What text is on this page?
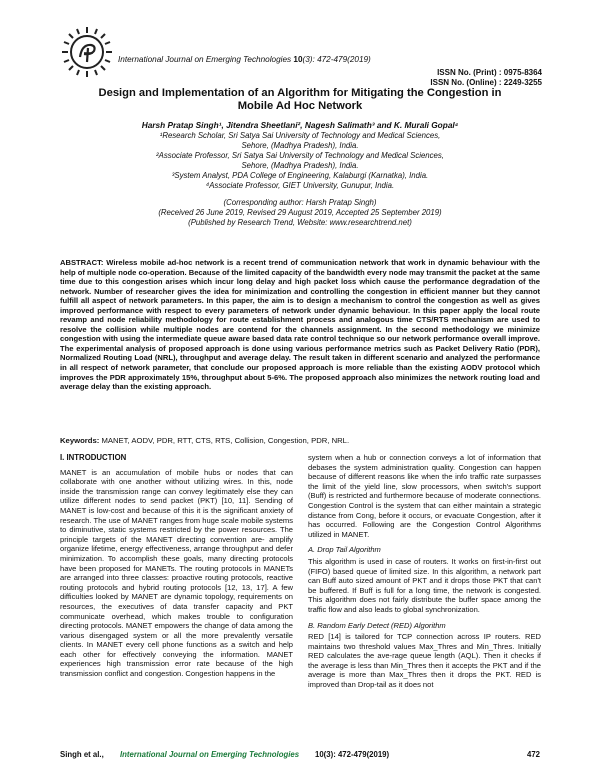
International Journal on Emerging Technologies 10(3): 472-479(2019)
ISSN No. (Print) : 0975-8364
ISSN No. (Online) : 2249-3255
Design and Implementation of an Algorithm for Mitigating the Congestion in
Mobile Ad Hoc Network
Harsh Pratap Singh¹, Jitendra Sheetlani², Nagesh Salimath³ and K. Murali Gopal⁴
¹Research Scholar, Sri Satya Sai University of Technology and Medical Sciences,
Sehore, (Madhya Pradesh), India.
²Associate Professor, Sri Satya Sai University of Technology and Medical Sciences,
Sehore, (Madhya Pradesh), India.
³System Analyst, PDA College of Engineering, Kalaburgi (Karnatka), India.
⁴Associate Professor, GIET University, Gunupur, India.
(Corresponding author: Harsh Pratap Singh)
(Received 26 June 2019, Revised 29 August 2019, Accepted 25 September 2019)
(Published by Research Trend, Website: www.researchtrend.net)
ABSTRACT: Wireless mobile ad-hoc network is a recent trend of communication network that work in dynamic behaviour with the help of multiple node co-operation. Because of the limited capacity of the bandwidth every node may transmit the packet at the same time due to this congestion arises which incur long delay and high packet loss which cause the performance degradation of the network. Number of researcher gives the idea for minimization and controlling the congestion in efficient manner but they cannot fulfill all aspect of network parameters. In this paper, the aim is to design a mechanism to control the congestion as well as gives improved performance with respect to every parameters of network under dynamic behaviour. In this paper apply the local route revamp and node reliability methodology for route establishment process and analogous time CTS/RTS mechanism are used to resolve the collision while multiple nodes are contend for the channels assignment. In the second methodology we minimize congestion with using the intermediate queue aware based data rate control technique so our network performance overall improve. The experimental analysis of proposed approach is done using various performance metrics such as Packet Delivery Ratio (PDR), Normalized Routing Load (NRL), throughput and average delay. The result taken in different scenario and analyzed the performance in all respect of network parameter, that conclude our proposed approach is more reliable than the existing AODV protocol which improves the PDR approximately 15%, throughput about 5-6%. The proposed approach also minimizes the network routing load and average delay than the existing approach.
Keywords: MANET, AODV, PDR, RTT, CTS, RTS, Collision, Congestion, PDR, NRL.
I. INTRODUCTION

MANET is an accumulation of mobile hubs or nodes that can collaborate with one another without utilizing wires. In this, node inside the transmission range can convey legitimately else they can utilize different nodes to send packet (PKT) [10, 11]. Sending of MANET is low-cost and because of this it is the significant anxiety of research. The use of MANET ranges from huge scale mobile systems to diminutive, static systems restricted by the power resources. The principle targets of the MANET directing convention are- amplify organize lifetime, energy effectiveness, arrange throughput and defer minimization. To accomplish these goals, many directing protocols have been proposed for MANETs. The routing protocols in MANETs are arranged into three classes: proactive routing protocols, reactive routing protocols and hybrid routing protocols [12, 13, 17]. A few difficulties looked by MANET are dynamic topology, requirements on resources, the executives of data transfer capacity and PKT communicate overhead, which makes trouble to configuration directing protocols. MANET empowers the change of data among the various disengaged system or all the more prevalently versatile clients. In MANET every cell phone functions as a switch and help each other for effectively conveying the information. MANET experiences high transmission error rate because of the high transmission conflict and congestion. Congestion happens in the

system when a hub or connection conveys a lot of information that debases the system administration quality. Congestion can happen because of different reasons like when the info traffic rate surpasses the limit of the yield line, slow processors, when switch's support (Buff) is restricted and furthermore because of moderate connections. Congestion Control is the system that can either maintain a strategic distance from Cong, before it occurs, or evacuate Congestion, after it has occurred. Following are the Congestion Control Algorithms utilized in MANET.

A. Drop Tail Algorithm

This algorithm is used in case of routers. It works on first-in-first out (FIFO) based queue of limited size. In this algorithm, a network part can Buff auto sized amount of PKT and it drops those PKT that can't be buffered. If Buff is full for a long time, the network is congested. This algorithm does not fairly distribute the buffer space among the traffic flow and also leads to global synchronization.

B. Random Early Detect (RED) Algorithm

RED [14] is tailored for TCP connection across IP routers. RED maintains two threshold values Max_Thres and Min_Thres. Initially RED calculates the ave-rage queue length (AQL). Then it checks if the average is less than Min_Thres then it accepts the PKT and if the average is more than Max_Thres then it drops the PKT. RED is improved than Drop-tail as it does not

Singh et al., International Journal on Emerging Technologies 10(3): 472-479(2019)	472
